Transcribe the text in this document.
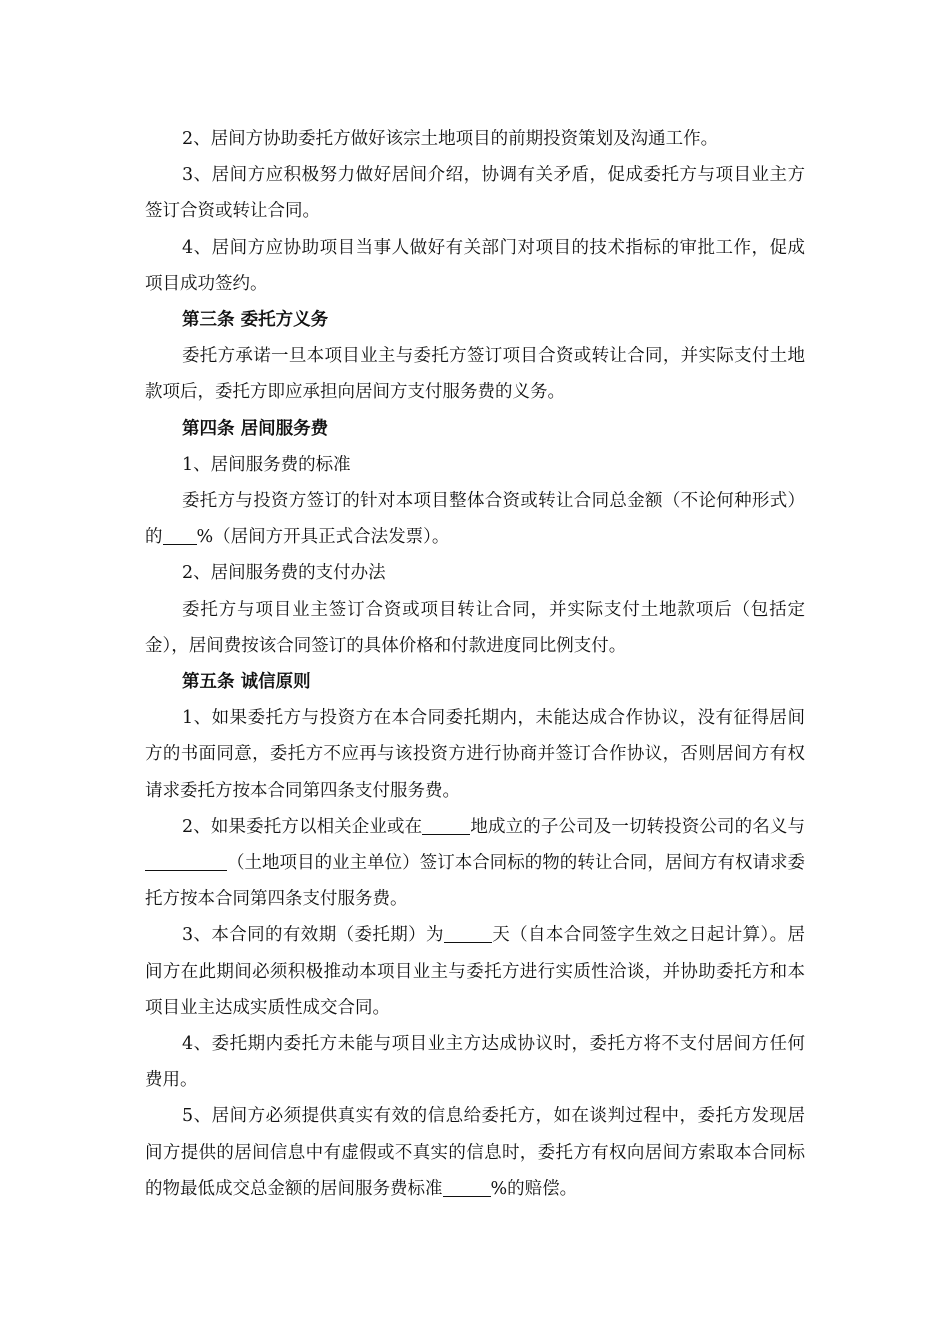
2、居间方协助委托方做好该宗土地项目的前期投资策划及沟通工作。

3、居间方应积极努力做好居间介绍，协调有关矛盾，促成委托方与项目业主方签订合资或转让合同。

4、居间方应协助项目当事人做好有关部门对项目的技术指标的审批工作，促成项目成功签约。

第三条 委托方义务

委托方承诺一旦本项目业主与委托方签订项目合资或转让合同，并实际支付土地款项后，委托方即应承担向居间方支付服务费的义务。

第四条 居间服务费

1、居间服务费的标准

委托方与投资方签订的针对本项目整体合资或转让合同总金额（不论何种形式）的 %（居间方开具正式合法发票）。

2、居间服务费的支付办法

委托方与项目业主签订合资或项目转让合同，并实际支付土地款项后（包括定金），居间费按该合同签订的具体价格和付款进度同比例支付。

第五条 诚信原则

1、如果委托方与投资方在本合同委托期内，未能达成合作协议，没有征得居间方的书面同意，委托方不应再与该投资方进行协商并签订合作协议，否则居间方有权请求委托方按本合同第四条支付服务费。

2、如果委托方以相关企业或在	地成立的子公司及一切转投资公司的名义与（土地项目的业主单位）签订本合同标的物的转让合同，居间方有权请求委托方按本合同第四条支付服务费。

3、本合同的有效期（委托期）为	天（自本合同签字生效之日起计算）。居间方在此期间必须积极推动本项目业主与委托方进行实质性洽谈，并协助委托方和本项目业主达成实质性成交合同。

4、委托期内委托方未能与项目业主方达成协议时，委托方将不支付居间方任何费用。

5、居间方必须提供真实有效的信息给委托方，如在谈判过程中，委托方发现居间方提供的居间信息中有虚假或不真实的信息时，委托方有权向居间方索取本合同标的物最低成交总金额的居间服务费标准	%的赔偿。
